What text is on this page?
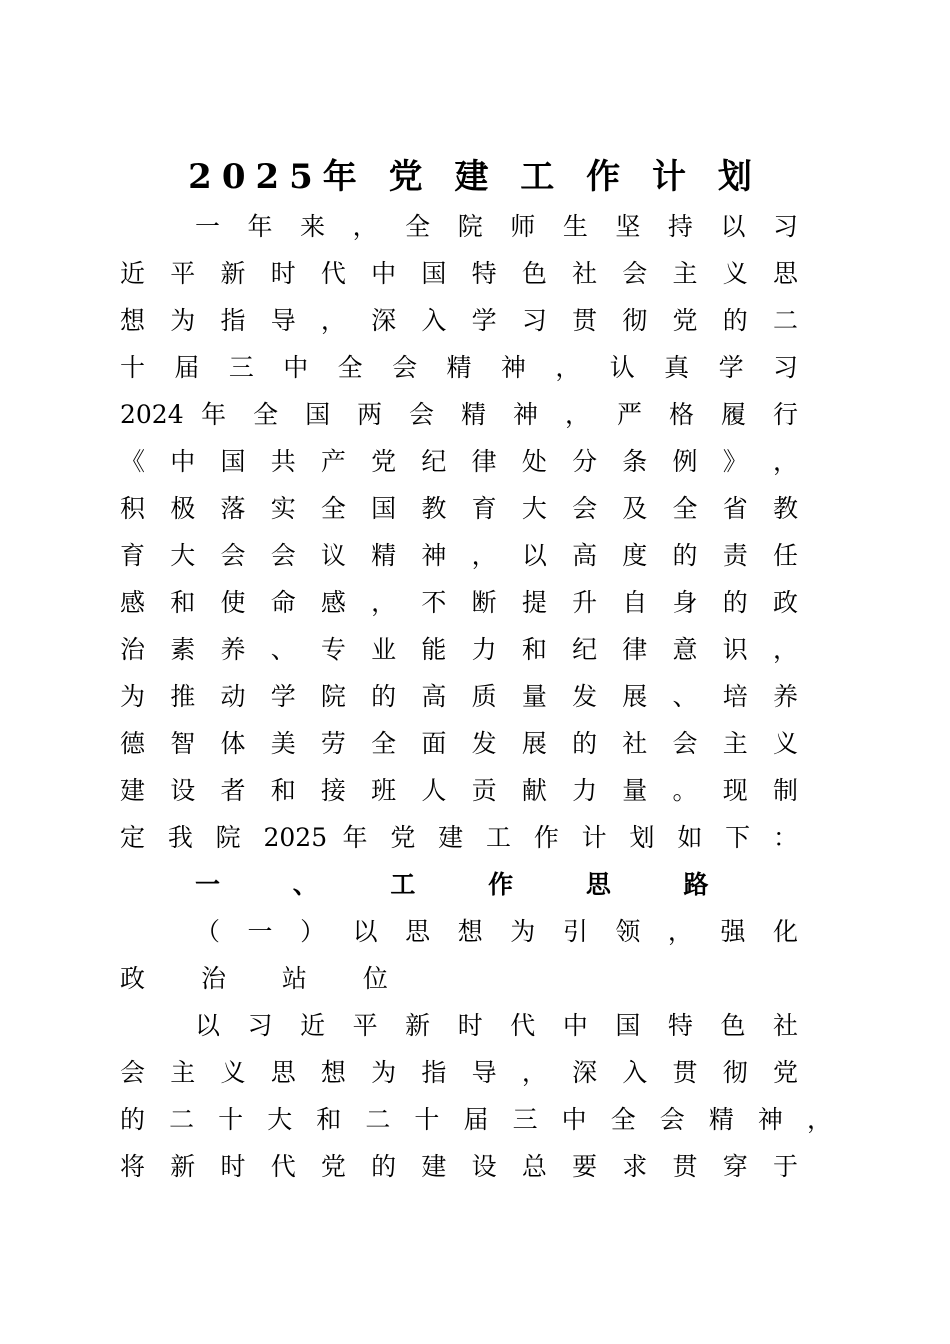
2025年 党 建 工 作 计 划
一 年 来 ， 全 院 师 生 坚 持 以 习
近 平 新 时 代 中 国 特 色 社 会 主 义 思
想 为 指 导 ， 深 入 学 习 贯 彻 党 的 二
十 届 三 中 全 会 精 神 ， 认 真 学 习
2024 年 全 国 两 会 精 神 ， 严 格 履 行
《 中 国 共 产 党 纪 律 处 分 条 例 》 ，
积 极 落 实 全 国 教 育 大 会 及 全 省 教
育 大 会 会 议 精 神 ， 以 高 度 的 责 任
感 和 使 命 感 ， 不 断 提 升 自 身 的 政
治 素 养 、 专 业 能 力 和 纪 律 意 识 ，
为 推 动 学 院 的 高 质 量 发 展 、 培 养
德 智 体 美 劳 全 面 发 展 的 社 会 主 义
建 设 者 和 接 班 人 贡 献 力 量 。 现 制
定 我 院 2025 年 党 建 工 作 计 划 如 下 ：
一 、 工 作 思 路
（ 一 ） 以 思 想 为 引 领 ， 强 化
政 治 站 位
以 习 近 平 新 时 代 中 国 特 色 社
会 主 义 思 想 为 指 导 ， 深 入 贯 彻 党
的 二 十 大 和 二 十 届 三 中 全 会 精 神 ，
将 新 时 代 党 的 建 设 总 要 求 贯 穿 于
